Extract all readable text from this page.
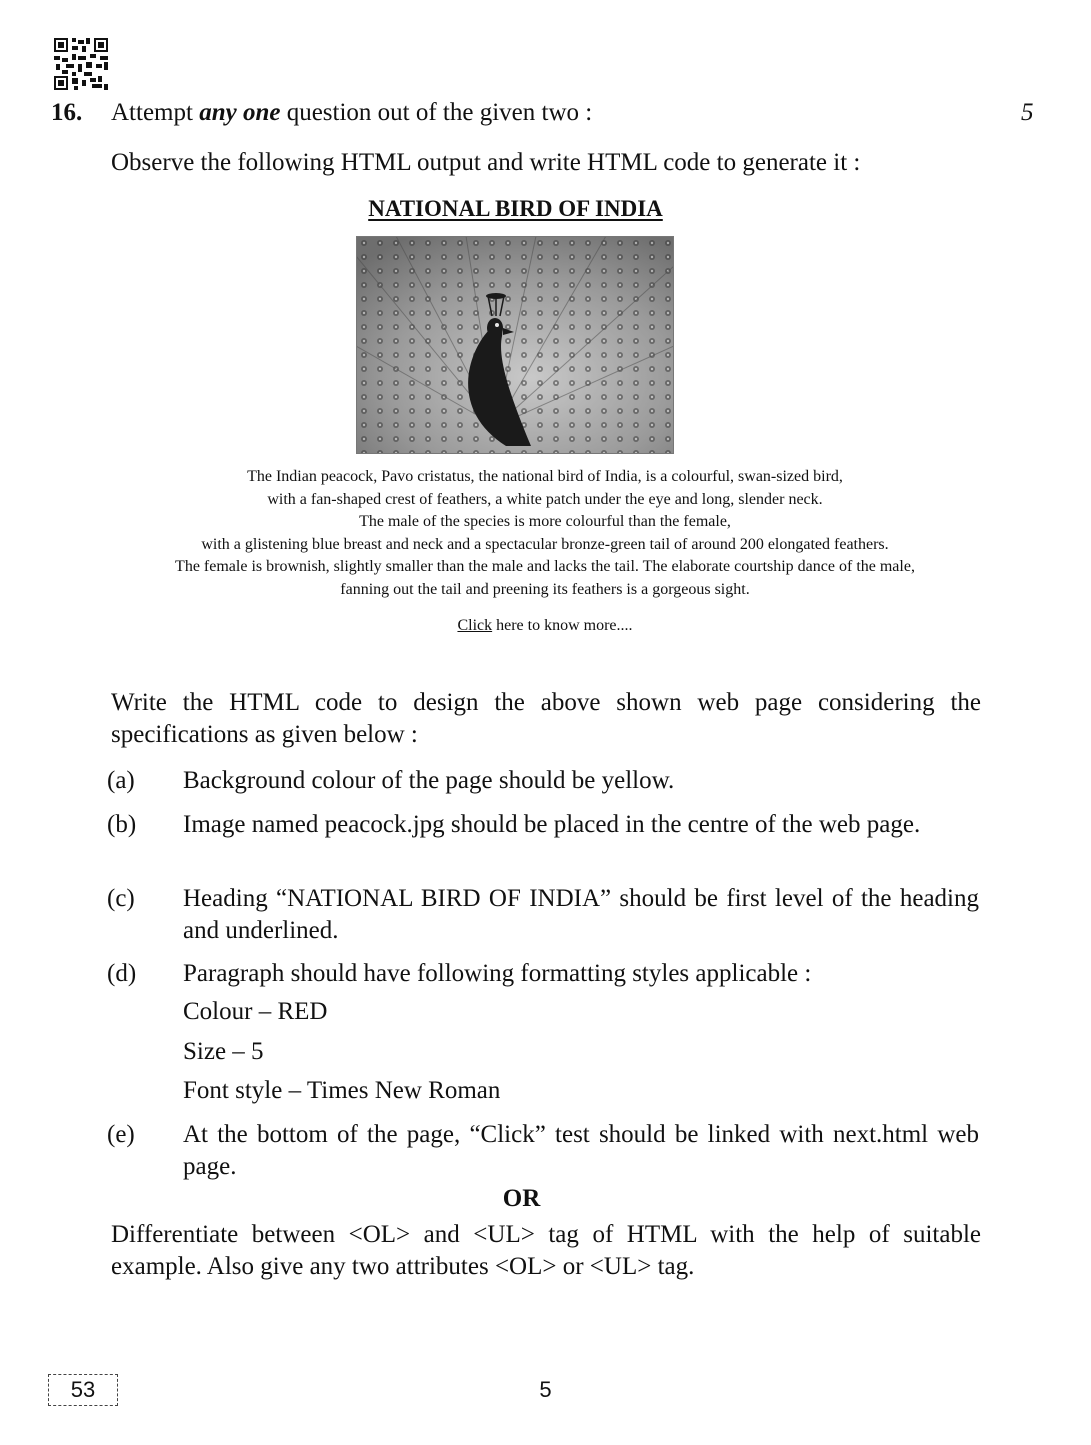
16. Attempt any one question out of the given two :	5
Observe the following HTML output and write HTML code to generate it :
NATIONAL BIRD OF INDIA
The Indian peacock, Pavo cristatus, the national bird of India, is a colourful, swan-sized bird,
with a fan-shaped crest of feathers, a white patch under the eye and long, slender neck.
The male of the species is more colourful than the female,
with a glistening blue breast and neck and a spectacular bronze-green tail of around 200 elongated feathers.
The female is brownish, slightly smaller than the male and lacks the tail. The elaborate courtship dance of the male,
fanning out the tail and preening its feathers is a gorgeous sight.
Click here to know more....
Write the HTML code to design the above shown web page considering the specifications as given below :
(a) Background colour of the page should be yellow.
(b) Image named peacock.jpg should be placed in the centre of the web page.
(c) Heading “NATIONAL BIRD OF INDIA” should be first level of the heading and underlined.
(d) Paragraph should have following formatting styles applicable :
Colour – RED
Size – 5
Font style – Times New Roman
(e) At the bottom of the page, “Click” test should be linked with next.html web page.
OR
Differentiate between <OL> and <UL> tag of HTML with the help of suitable example. Also give any two attributes <OL> or <UL> tag.
53	5
